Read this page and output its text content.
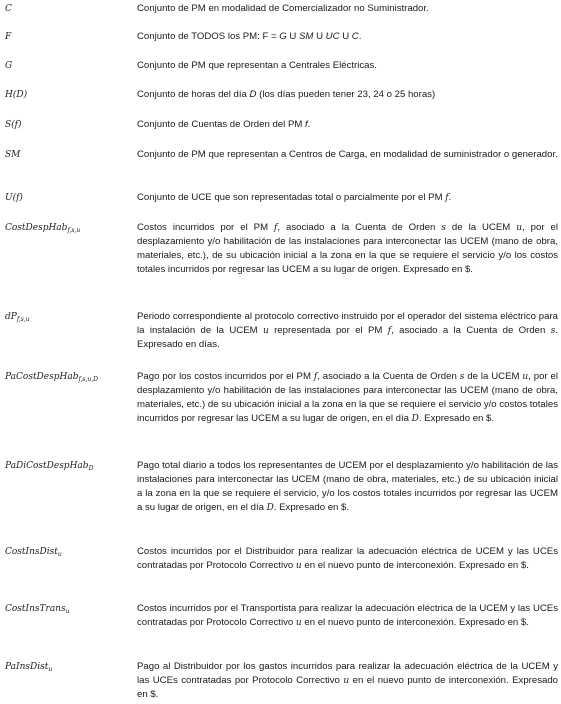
C	Conjunto de PM en modalidad de Comercializador no Suministrador.
F	Conjunto de TODOS los PM: F = G U SM U UC U C.
G	Conjunto de PM que representan a Centrales Eléctricas.
H(D)	Conjunto de horas del día D (los días pueden tener 23, 24 o 25 horas)
S(f)	Conjunto de Cuentas de Orden del PM f.
SM	Conjunto de PM que representan a Centros de Carga, en modalidad de suministrador o generador.
U(f)	Conjunto de UCE que son representadas total o parcialmente por el PM f.
CostDespHab$_{f,s,u}$	Costos incurridos por el PM f, asociado a la Cuenta de Orden s de la UCEM u, por el desplazamiento y/o habilitación de las instalaciones para interconectar las UCEM (mano de obra, materiales, etc.), de su ubicación inicial a la zona en la que se requiere el servicio y/o los costos totales incurridos por regresar las UCEM a su lugar de origen. Expresado en $.
$dP_{f,s,u}$	Periodo correspondiente al protocolo correctivo instruido por el operador del sistema eléctrico para la instalación de la UCEM u representada por el PM f, asociado a la Cuenta de Orden s. Expresado en días.
PaCostDespHab$_{f,s,u,D}$	Pago por los costos incurridos por el PM f, asociado a la Cuenta de Orden s de la UCEM u, por el desplazamiento y/o habilitación de las instalaciones para interconectar las UCEM (mano de obra, materiales, etc.) de su ubicación inicial a la zona en la que se requiere el servicio y/o costos totales incurridos por regresar las UCEM a su lugar de origen, en el día D. Expresado en $.
PaDiCostDespHab$_D$	Pago total diario a todos los representantes de UCEM por el desplazamiento y/o habilitación de las instalaciones para interconectar las UCEM (mano de obra, materiales, etc.) de su ubicación inicial a la zona en la que se requiere el servicio, y/o los costos totales incurridos por regresar las UCEM a su lugar de origen, en el día D. Expresado en $.
CostInsDist$_u$	Costos incurridos por el Distribuidor para realizar la adecuación eléctrica de UCEM y las UCEs contratadas por Protocolo Correctivo u en el nuevo punto de interconexión. Expresado en $.
CostInsTrans$_u$	Costos incurridos por el Transportista para realizar la adecuación eléctrica de la UCEM y las UCEs contratadas por Protocolo Correctivo u en el nuevo punto de interconexión. Expresado en $.
PaInsDist$_u$	Pago al Distribuidor por los gastos incurridos para realizar la adecuación eléctrica de la UCEM y las UCEs contratadas por Protocolo Correctivo u en el nuevo punto de interconexión. Expresado en $.
